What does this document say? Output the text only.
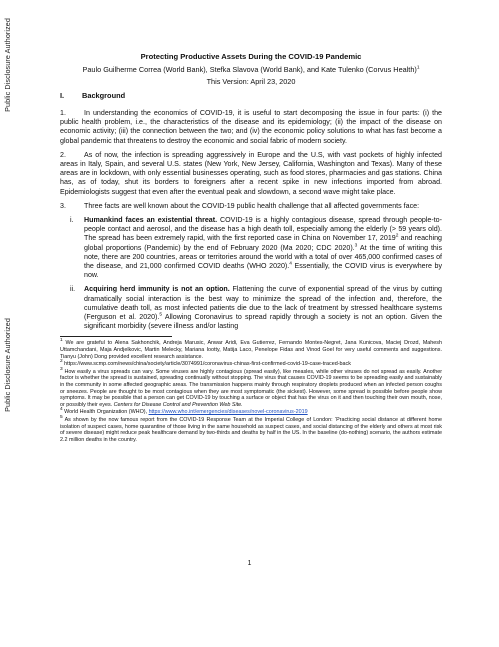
Public Disclosure Authorized
Public Disclosure Authorized
Protecting Productive Assets During the COVID-19 Pandemic
Paulo Guilherme Correa (World Bank), Stefka Slavova (World Bank), and Kate Tulenko (Corvus Health)$^1$
This Version: April 23, 2020
I.	Background

1.	In understanding the economics of COVID-19, it is useful to start decomposing the issue in four parts: (i) the public health problem, i.e., the characteristics of the disease and its epidemiology; (ii) the impact of the disease on economic activity; (iii) the connection between the two; and (iv) the economic policy solutions to what has fast become a global pandemic that threatens to destroy the economic and social fabric of modern society.

2.	As of now, the infection is spreading aggressively in Europe and the U.S, with vast pockets of highly infected areas in Italy, Spain, and several U.S. states (New York, New Jersey, California, Washington and Texas). Many of these areas are in lockdown, with only essential businesses operating, such as food stores, pharmacies and gas stations. China has, as of today, shut its borders to foreigners after a recent spike in new infections imported from abroad. Epidemiologists suggest that even after the eventual peak and slowdown, a second wave might take place.

3.	Three facts are well known about the COVID-19 public health challenge that all affected governments face:

i.	Humankind faces an existential threat. COVID-19 is a highly contagious disease, spread through people-to-people contact and aerosol, and the disease has a high death toll, especially among the elderly (> 59 years old). The spread has been extremely rapid, with the first reported case in China on November 17, 2019$^2$ and reaching global proportions (Pandemic) by the end of February 2020 (Ma 2020; CDC 2020).$^3$ At the time of writing this note, there are 200 countries, areas or territories around the world with a total of over 465,000 confirmed cases of the disease, and 21,000 confirmed COVID deaths (WHO 2020).$^4$ Essentially, the COVID virus is everywhere by now.
ii.	Acquiring herd immunity is not an option. Flattening the curve of exponential spread of the virus by cutting dramatically social interaction is the best way to minimize the spread of the infection and, therefore, the cumulative death toll, as most infected patients die due to the lack of treatment by stressed healthcare systems (Ferguson et al. 2020).$^5$ Allowing Coronavirus to spread rapidly through a society is not an option. Given the significant morbidity (severe illness and/or lasting

$^1$ We are grateful to Alena Sakhonchik, Andreja Marusic, Anwar Aridi, Eva Gutierrez, Fernando Montes-Negret, Jana Kunicova, Maciej Drozd, Mahesh Uttamchandani, Maja Andjelkovic, Martin Melecky, Mariana Iootty, Matija Laco, Penelope Fidas and Vinod Goel for very useful comments and suggestions. Tianyu (John) Dong provided excellent research assistance.

$^2$ https://www.scmp.com/news/china/society/article/3074991/coronavirus-chinas-first-confirmed-covid-19-case-traced-back

$^3$ How easily a virus spreads can vary. Some viruses are highly contagious (spread easily), like measles, while other viruses do not spread as easily. Another factor is whether the spread is sustained, spreading continually without stopping. The virus that causes COVID-19 seems to be spreading easily and sustainably in the community in some affected geographic areas. The transmission happens mainly through respiratory droplets produced when an infected person coughs or sneezes. People are thought to be most contagious when they are most symptomatic (the sickest). However, some spread is possible before people show symptoms. It may be possible that a person can get COVID-19 by touching a surface or object that has the virus on it and then touching their own mouth, nose, or possibly their eyes. Centers for Disease Control and Prevention Web Site.

$^4$ World Health Organization (WHO), https://www.who.int/emergencies/diseases/novel-coronavirus-2019

$^5$ As shown by the now famous report from the COVID-19 Response Team at the Imperial College of London: ‘Practicing social distance at different home isolation of suspect cases, home quarantine of those living in the same household as suspect cases, and social distancing of the elderly and others at most risk of severe disease) might reduce peak healthcare demand by two-thirds and deaths by half in the US. In the baseline (do-nothing) scenario, the authors estimate 2.2 million deaths in the country.

1
